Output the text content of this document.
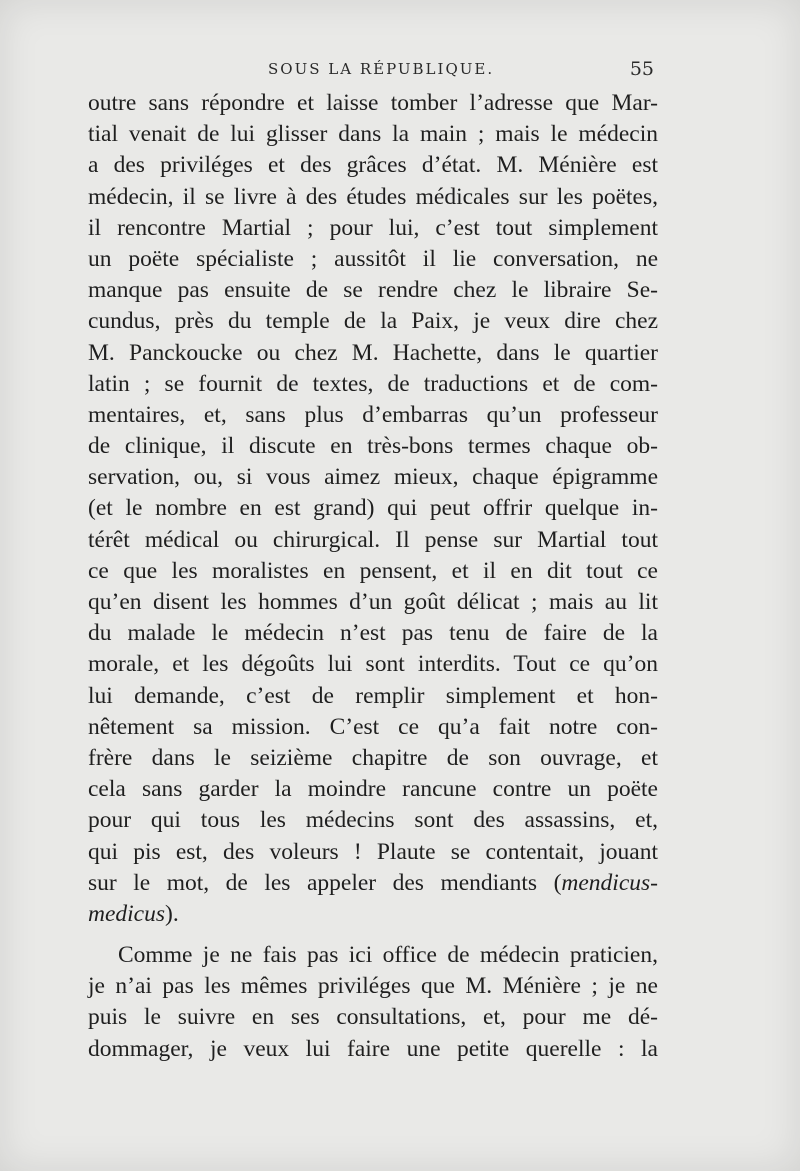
SOUS LA RÉPUBLIQUE.	55
outre sans répondre et laisse tomber l’adresse que Mar-
tial venait de lui glisser dans la main ; mais le médecin
a des priviléges et des grâces d’état. M. Ménière est
médecin, il se livre à des études médicales sur les poëtes,
il rencontre Martial ; pour lui, c’est tout simplement
un poëte spécialiste ; aussitôt il lie conversation, ne
manque pas ensuite de se rendre chez le libraire Se-
cundus, près du temple de la Paix, je veux dire chez
M. Panckoucke ou chez M. Hachette, dans le quartier
latin ; se fournit de textes, de traductions et de com-
mentaires, et, sans plus d’embarras qu’un professeur
de clinique, il discute en très-bons termes chaque ob-
servation, ou, si vous aimez mieux, chaque épigramme
(et le nombre en est grand) qui peut offrir quelque in-
térêt médical ou chirurgical. Il pense sur Martial tout
ce que les moralistes en pensent, et il en dit tout ce
qu’en disent les hommes d’un goût délicat ; mais au lit
du malade le médecin n’est pas tenu de faire de la
morale, et les dégoûts lui sont interdits. Tout ce qu’on
lui demande, c’est de remplir simplement et hon-
nêtement sa mission. C’est ce qu’a fait notre con-
frère dans le seizième chapitre de son ouvrage, et
cela sans garder la moindre rancune contre un poëte
pour qui tous les médecins sont des assassins, et,
qui pis est, des voleurs ! Plaute se contentait, jouant
sur le mot, de les appeler des mendiants (mendicus-
medicus).
Comme je ne fais pas ici office de médecin praticien,
je n’ai pas les mêmes priviléges que M. Ménière ; je ne
puis le suivre en ses consultations, et, pour me dé-
dommager, je veux lui faire une petite querelle : la
